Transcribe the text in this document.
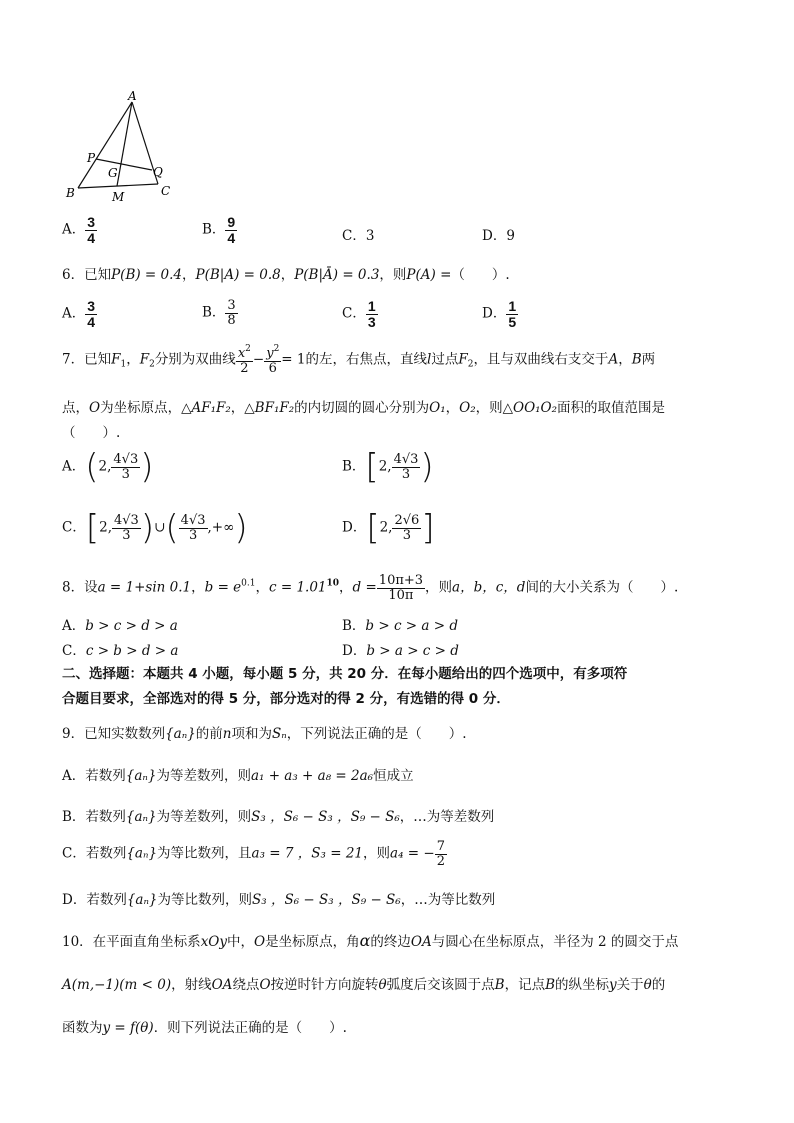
A
P
G	Q
B	M	C
A． $\frac{3}{4}$	B． $\frac{9}{4}$	C．3	D．9
6．已知P(B) = 0.4，P(B|A) = 0.8，P(B|Ā) = 0.3，则P(A) =（　　）.
A． $\frac{3}{4}$	B． $\frac{3}{8}$	C． $\frac{1}{3}$	D． $\frac{1}{5}$
7．已知$F_1$，$F_2$分别为双曲线 $\frac{x^2}{2} - \frac{y^2}{6} = 1$的左，右焦点，直线l过点$F_2$，且与双曲线右支交于A，B两
点，O为坐标原点，△AF₁F₂，△BF₁F₂的内切圆的圆心分别为O₁，O₂，则△OO₁O₂面积的取值范围是
（　　）.
A．(2, $\frac{4√3}{3}$ )	B．[2, $\frac{4√3}{3}$ )
C．[2, $\frac{4√3}{3}$ )∪( $\frac{4√3}{3}$ ,+∞)	D．[2, $\frac{2√6}{3}$ ]
8．设a = 1+sin 0.1，$b = e^{0.1}$，$c = 1.01^{10}$，$d = \frac{10\pi+3}{10\pi}$ ，则a，b，c，d间的大小关系为（　　）.
A．b > c > d > a	B．b > c > a > d
C．c > b > d > a	D．b > a > c > d
二、选择题：本题共 4 小题，每小题 5 分，共 20 分．在每小题给出的四个选项中，有多项符
合题目要求，全部选对的得 5 分，部分选对的得 2 分，有选错的得 0 分．
9．已知实数数列{aₙ}的前n项和为Sₙ，下列说法正确的是（　　）.
A．若数列{aₙ}为等差数列，则a₁ + a₃ + a₈ = 2a₆恒成立
B．若数列{aₙ}为等差数列，则S₃ ，S₆ − S₃ ，S₉ − S₆，…为等差数列
C．若数列{aₙ}为等比数列，且a₃ = 7 ，S₃ = 21，则a₄ = − $\frac{7}{2}$
D．若数列{aₙ}为等比数列，则S₃ ，S₆ − S₃ ，S₉ − S₆，…为等比数列
10．在平面直角坐标系xOy中，O是坐标原点，角α的终边OA与圆心在坐标原点，半径为 2 的圆交于点
A(m,−1)(m < 0)，射线OA绕点O按逆时针方向旋转θ弧度后交该圆于点B，记点B的纵坐标y关于θ的
函数为y = f(θ)．则下列说法正确的是（　　）.
